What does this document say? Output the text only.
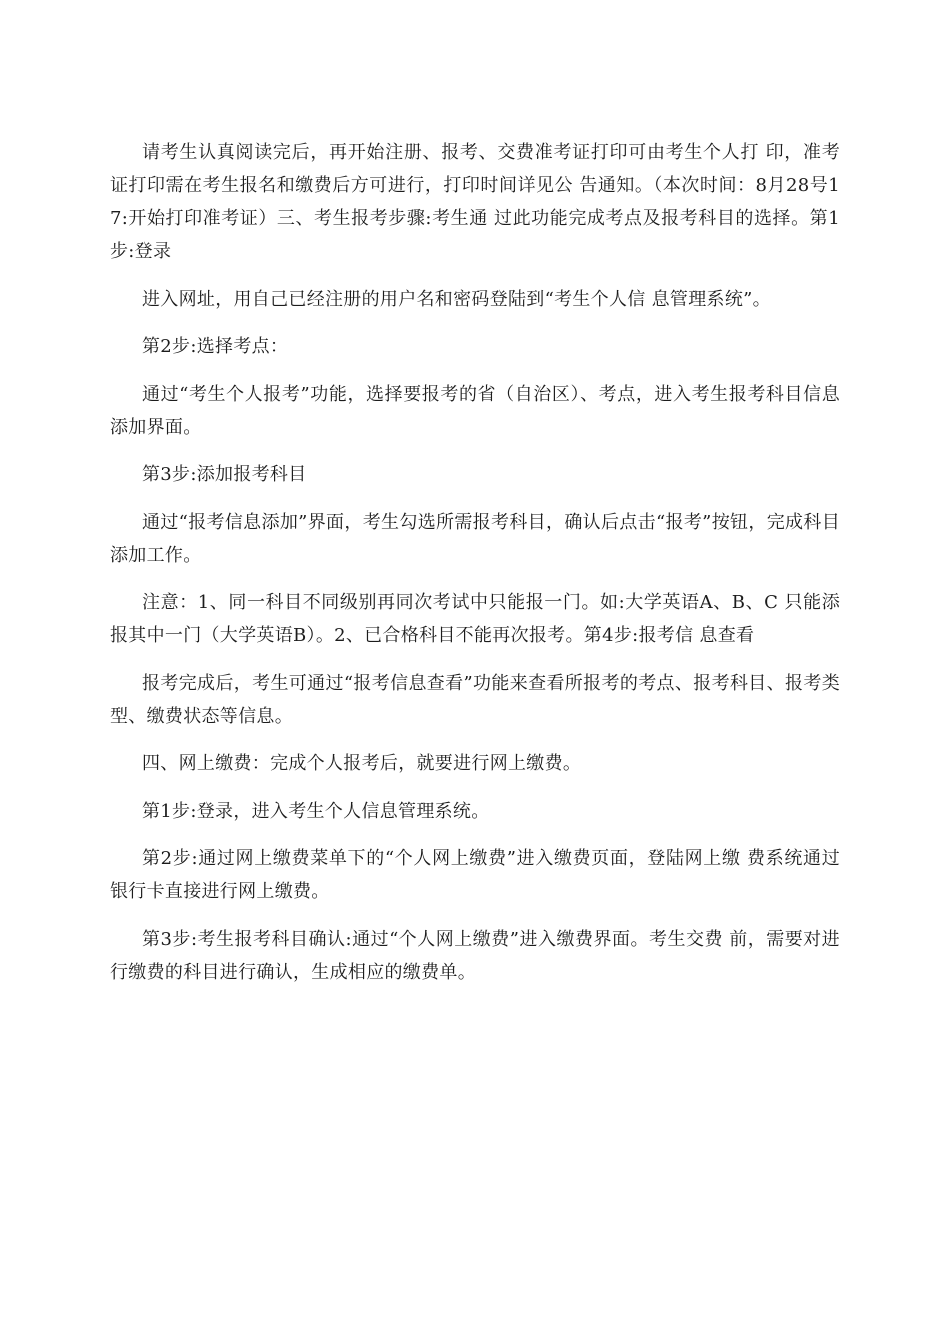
请考生认真阅读完后，再开始注册、报考、交费准考证打印可由考生个人打 印，准考证打印需在考生报名和缴费后方可进行，打印时间详见公 告通知。（本次时间：8月28号17:开始打印准考证）三、考生报考步骤:考生通 过此功能完成考点及报考科目的选择。第1步:登录

进入网址，用自己已经注册的用户名和密码登陆到“考生个人信 息管理系统”。

第2步:选择考点：

通过“考生个人报考”功能，选择要报考的省（自治区）、考点，进入考生报考科目信息添加界面。

第3步:添加报考科目

通过“报考信息添加”界面，考生勾选所需报考科目，确认后点击“报考”按钮，完成科目添加工作。

注意：1、同一科目不同级别再同次考试中只能报一门。如:大学英语A、B、C 只能添报其中一门（大学英语B）。2、已合格科目不能再次报考。第4步:报考信 息查看

报考完成后，考生可通过“报考信息查看”功能来查看所报考的考点、报考科目、报考类型、缴费状态等信息。

四、网上缴费：完成个人报考后，就要进行网上缴费。

第1步:登录，进入考生个人信息管理系统。

第2步:通过网上缴费菜单下的“个人网上缴费”进入缴费页面，登陆网上缴 费系统通过银行卡直接进行网上缴费。

第3步:考生报考科目确认:通过“个人网上缴费”进入缴费界面。考生交费 前，需要对进行缴费的科目进行确认，生成相应的缴费单。
